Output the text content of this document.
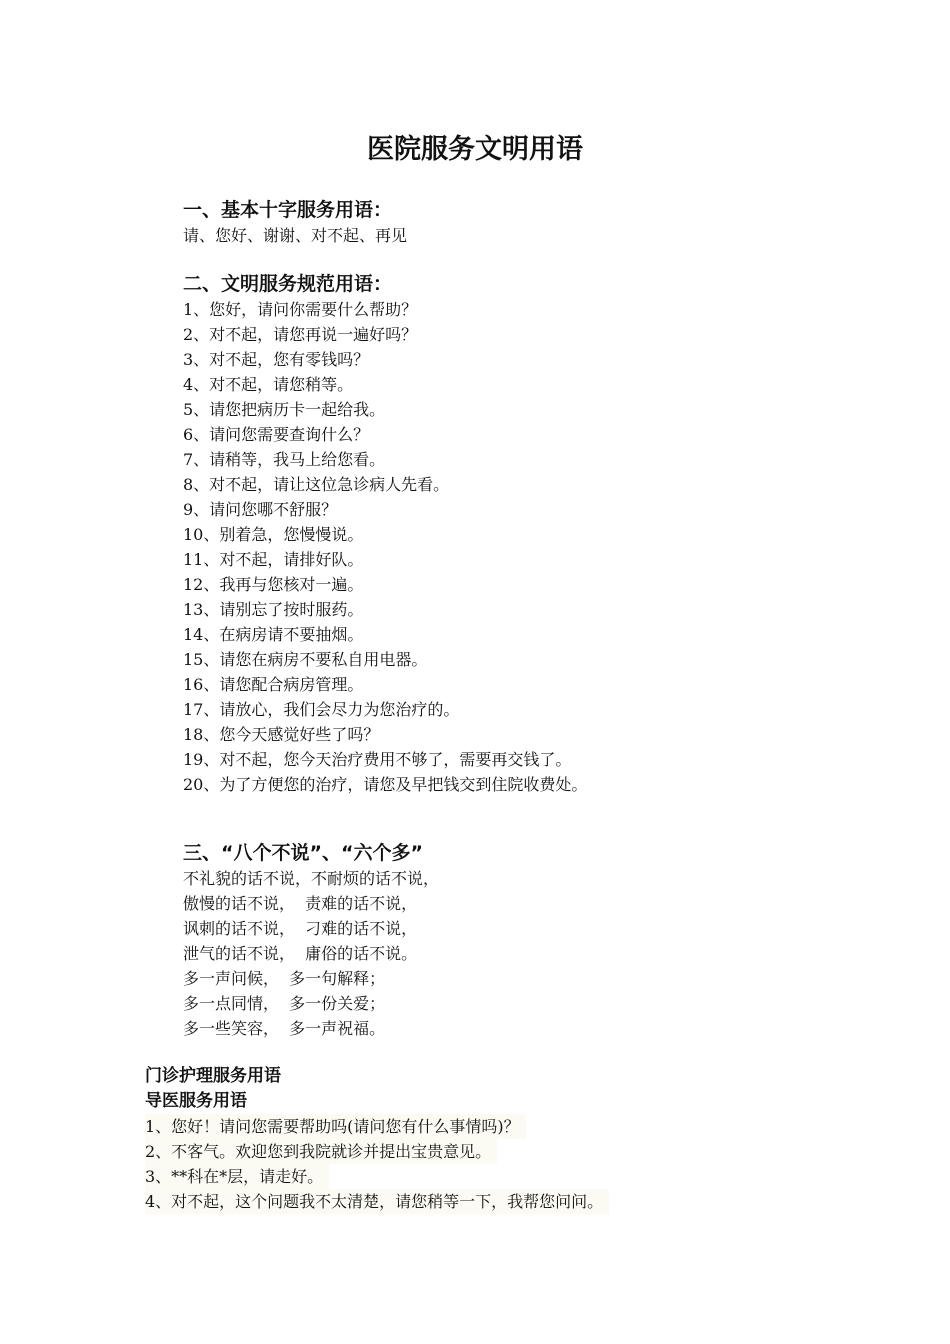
医院服务文明用语
一、基本十字服务用语：
请、您好、谢谢、对不起、再见
二、文明服务规范用语：
1、您好，请问你需要什么帮助？
2、对不起，请您再说一遍好吗？
3、对不起，您有零钱吗？
4、对不起，请您稍等。
5、请您把病历卡一起给我。
6、请问您需要查询什么？
7、请稍等，我马上给您看。
8、对不起，请让这位急诊病人先看。
9、请问您哪不舒服？
10、别着急，您慢慢说。
11、对不起，请排好队。
12、我再与您核对一遍。
13、请别忘了按时服药。
14、在病房请不要抽烟。
15、请您在病房不要私自用电器。
16、请您配合病房管理。
17、请放心，我们会尽力为您治疗的。
18、您今天感觉好些了吗？
19、对不起，您今天治疗费用不够了，需要再交钱了。
20、为了方便您的治疗，请您及早把钱交到住院收费处。
三、“八个不说”、“六个多”
不礼貌的话不说，不耐烦的话不说，
傲慢的话不说，  责难的话不说，
讽刺的话不说，  刁难的话不说，
泄气的话不说，  庸俗的话不说。
多一声问候，  多一句解释；
多一点同情，  多一份关爱；
多一些笑容，  多一声祝福。
门诊护理服务用语
导医服务用语
1、您好！请问您需要帮助吗(请问您有什么事情吗)？
2、不客气。欢迎您到我院就诊并提出宝贵意见。
3、**科在*层，请走好。
4、对不起，这个问题我不太清楚，请您稍等一下，我帮您问问。
